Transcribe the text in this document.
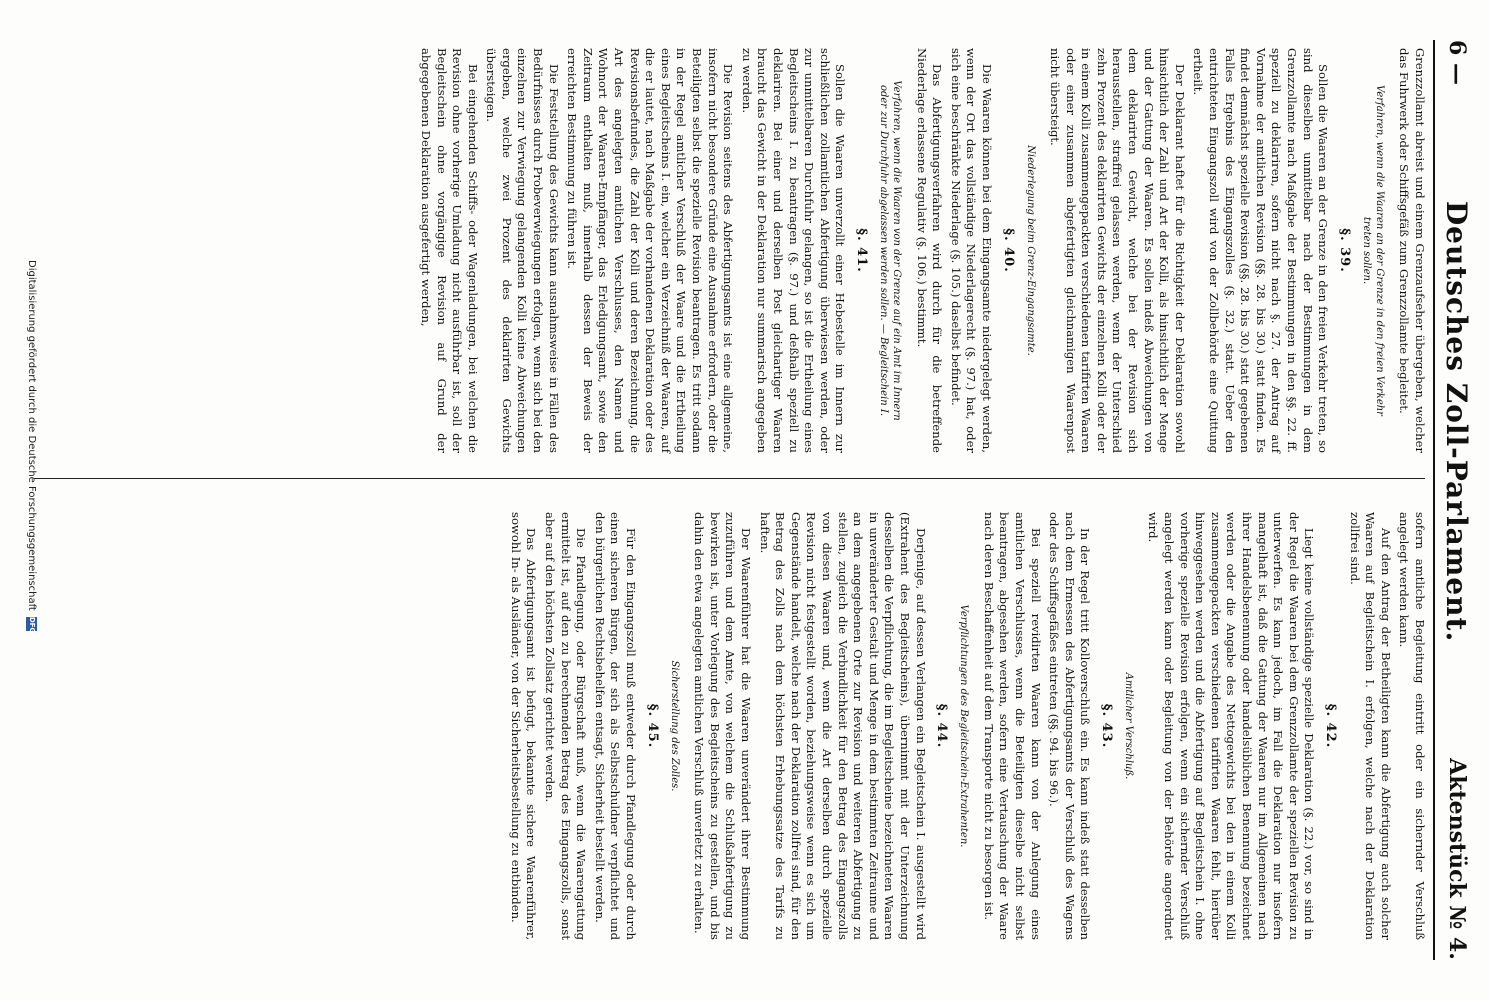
6 —
Deutsches Zoll-Parlament.
Aktenstück № 4.
Grenzzollamt abreist und einem Grenzaufseher übergeben, welcher das Fuhrwerk oder Schiffsgefäß zum Grenzzollamte begleitet.
Verfahren, wenn die Waaren an der Grenze in den freien Verkehr treten sollen.
§. 39.
Sollen die Waaren an der Grenze in den freien Verkehr treten, so sind dieselben unmittelbar nach der Bestimmungen in dem Grenzzollamte nach Maßgabe der Bestimmungen in den §§. 22. ff. speziell zu deklariren, sofern nicht nach §. 27. der Antrag auf Vornahme der amtlichen Revision (§§. 28. bis 30.) statt finden. Es findet demnächst spezielle Revision (§§. 28. bis 30.) statt gegebenen Falles Ergebnis des Eingangszolles (§. 32.) statt. Ueber den entrichteten Eingangszoll wird von der Zollbehörde eine Quittung ertheilt.
Der Deklarant haftet für die Richtigkeit der Deklaration sowohl hinsichtlich der Zahl und Art der Kolli, als hinsichtlich der Menge und der Gattung der Waaren. Es sollen indeß Abweichungen von dem deklarirten Gewicht, welche bei der Revision sich herausstellen, straffrei gelassen werden, wenn der Unterschied zehn Prozent des deklarirten Gewichts der einzelnen Kolli oder der in einem Kolli zusammengepackten verschiedenen tarifirten Waaren oder einer zusammen abgefertigten gleichnamigen Waarenpost nicht übersteigt.
Niederlegung beim Grenz-Eingangsamte.
§. 40.
Die Waaren können bei dem Eingangsamte niedergelegt werden, wenn der Ort das vollständige Niederlagerecht (§. 97.) hat, oder sich eine beschränkte Niederlage (§. 105.) daselbst befindet.
Das Abfertigungsverfahren wird durch für die betreffende Niederlage erlassene Regulativ (§. 106.) bestimmt.
Verfahren, wenn die Waaren von der Grenze auf ein Amt im Innern oder zur Durchfuhr abgelassen werden sollen. — Begleitschein I.
§. 41.
Sollen die Waaren unverzollt einer Hebestelle im Innern zur schließlichen zollamtlichen Abfertigung überwiesen werden, oder zur unmittelbaren Durchfuhr gelangen, so ist die Ertheilung eines Begleitscheins I. zu beantragen (§. 97.) und deßhalb speziell zu deklariren. Bei einer und derselben Post gleichartiger Waaren braucht das Gewicht in der Deklaration nur summarisch angegeben zu werden.
Die Revision seitens des Abfertigungsamts ist eine allgemeine, insofern nicht besondere Gründe eine Ausnahme erfordern, oder die Beteiligten selbst die spezielle Revision beantragen. Es tritt sodann in der Regel amtlicher Verschluß der Waare und die Ertheilung eines Begleitscheins I. ein, welcher ein Verzeichniß der Waaren, auf die er lautet, nach Maßgabe der vorhandenen Deklaration oder des Revisionsbefundes, die Zahl der Kolli und deren Bezeichnung, die Art des angelegten amtlichen Verschlusses, den Namen und Wohnort der Waaren-Empfänger, das Erledigungsamt, sowie den Zeitraum enthalten muß, innerhalb dessen der Beweis der erreichten Bestimmung zu führen ist.
Die Feststellung des Gewichts kann ausnahmsweise in Fällen des Bedürfnisses durch Probeverwiegungen erfolgen, wenn sich bei den einzelnen zur Verwiegung gelangenden Kolli keine Abweichungen ergeben, welche zwei Prozent des deklarirten Gewichts übersteigen.
Bei eingehenden Schiffs- oder Wagenladungen, bei welchen die Revision ohne vorherige Umladung nicht ausführbar ist, soll der Begleitschein ohne vorgängige Revision auf Grund der abgegebenen Deklaration ausgefertigt werden,
sofern amtliche Begleitung eintritt oder ein sichernder Verschluß angelegt werden kann.
Auf den Antrag der Betheiligten kann die Abfertigung auch solcher Waaren auf Begleitschein I. erfolgen, welche nach der Deklaration zollfrei sind.
§. 42.
Liegt keine vollständige spezielle Deklaration (§. 22.) vor, so sind in der Regel die Waaren bei dem Grenzzollamte der speziellen Revision zu unterwerfen. Es kann jedoch, im Fall die Deklaration nur insofern mangelhaft ist, daß die Gattung der Waaren nur im Allgemeinen nach ihrer Handelsbenennung oder handelsüblichen Benennung bezeichnet werden oder die Angabe des Nettogewichts bei den in einem Kolli zusammengepackten verschiedenen tarifirten Waaren fehlt, hierüber hinweggesehen werden und die Abfertigung auf Begleitschein I. ohne vorherige spezielle Revision erfolgen, wenn ein sichernder Verschluß angelegt werden kann oder Begleitung von der Behörde angeordnet wird.
Amtlicher Verschluß.
§. 43.
In der Regel tritt Kolloverschluß ein. Es kann indeß statt desselben nach dem Ermessen des Abfertigungsamts der Verschluß des Wagens oder des Schiffsgefäßes eintreten (§§. 94. bis 96.).
Bei speziell revidirten Waaren kann von der Anlegung eines amtlichen Verschlusses, wenn die Beteiligten dieselbe nicht selbst beantragen, abgesehen werden, sofern eine Vertauschung der Waare nach deren Beschaffenheit auf dem Transporte nicht zu besorgen ist.
Verpflichtungen des Begleitschein-Extrahenten.
§. 44.
Derjenige, auf dessen Verlangen ein Begleitschein I. ausgestellt wird (Extrahent des Begleitscheins), übernimmt mit der Unterzeichnung desselben die Verpflichtung, die im Begleitscheine bezeichneten Waaren in unveränderter Gestalt und Menge in dem bestimmten Zeitraume und an dem angegebenen Orte zur Revision und weiteren Abfertigung zu stellen, zugleich die Verbindlichkeit für den Betrag des Eingangszolls von diesen Waaren und, wenn die Art derselben durch spezielle Revision nicht festgestellt worden, beziehungsweise wenn es sich um Gegenstände handelt, welche nach der Deklaration zollfrei sind, für den Betrag des Zolls nach dem höchsten Erhebungssatze des Tarifs zu haften.
Der Waarenführer hat die Waaren unverändert ihrer Bestimmung zuzuführen und dem Amte, von welchem die Schlußabfertigung zu bewirken ist, unter Vorlegung des Begleitscheins zu gestellen, und bis dahin den etwa angelegten amtlichen Verschluß unverletzt zu erhalten.
Sicherstellung des Zolles.
§. 45.
Für den Eingangszoll muß entweder durch Pfandlegung oder durch einen sicheren Bürgen, der sich als Selbstschuldner verpflichtet und den bürgerlichen Rechtsbehelfen entsagt, Sicherheit bestellt werden.
Die Pfandlegung, oder Bürgschaft muß, wenn die Waarengattung ermittelt ist, auf den zu berechnenden Betrag des Eingangszolls, sonst aber auf den höchsten Zollsatz gerichtet werden.
Das Abfertigungsamt ist befugt, bekannte sichere Waarenführer, sowohl In- als Ausländer, von der Sicherheitsbestellung zu entbinden.
Digitalisierung gefördert durch die Deutsche Forschungsgemeinschaft
DFG
